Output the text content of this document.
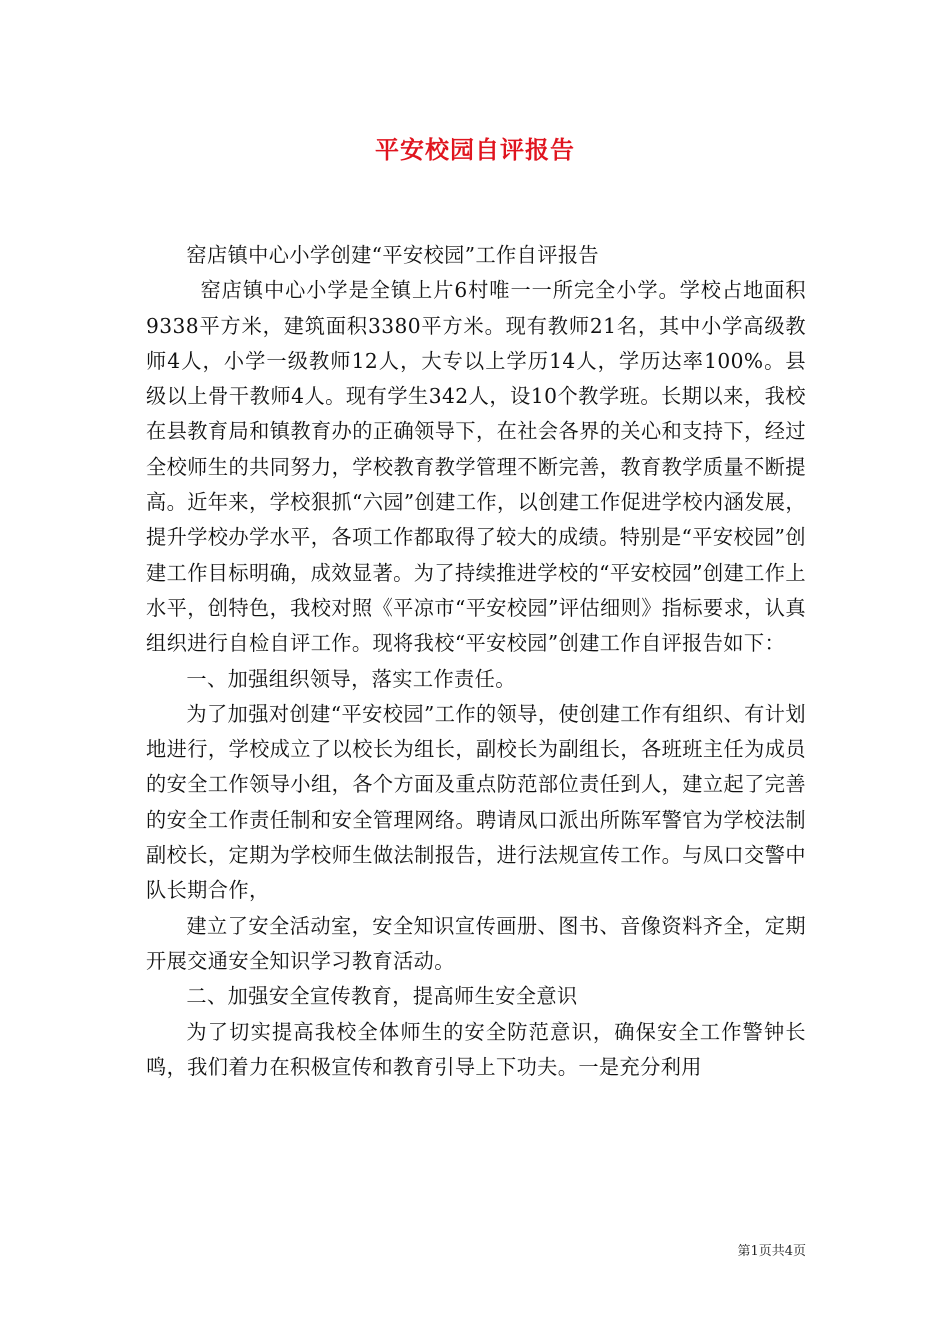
平安校园自评报告

窑店镇中心小学创建“平安校园”工作自评报告

窑店镇中心小学是全镇上片6村唯一一所完全小学。学校占地面积9338平方米，建筑面积3380平方米。现有教师21名，其中小学高级教师4人，小学一级教师12人，大专以上学历14人，学历达率100%。县级以上骨干教师4人。现有学生342人，设10个教学班。长期以来，我校在县教育局和镇教育办的正确领导下，在社会各界的关心和支持下，经过全校师生的共同努力，学校教育教学管理不断完善，教育教学质量不断提高。近年来，学校狠抓“六园”创建工作，以创建工作促进学校内涵发展，提升学校办学水平，各项工作都取得了较大的成绩。特别是“平安校园”创建工作目标明确，成效显著。为了持续推进学校的“平安校园”创建工作上水平，创特色，我校对照《平凉市“平安校园”评估细则》指标要求，认真组织进行自检自评工作。现将我校“平安校园”创建工作自评报告如下：

一、加强组织领导，落实工作责任。

为了加强对创建“平安校园”工作的领导，使创建工作有组织、有计划地进行，学校成立了以校长为组长，副校长为副组长，各班班主任为成员的安全工作领导小组，各个方面及重点防范部位责任到人，建立起了完善的安全工作责任制和安全管理网络。聘请凤口派出所陈军警官为学校法制副校长，定期为学校师生做法制报告，进行法规宣传工作。与凤口交警中队长期合作，

建立了安全活动室，安全知识宣传画册、图书、音像资料齐全，定期开展交通安全知识学习教育活动。

二、加强安全宣传教育，提高师生安全意识

为了切实提高我校全体师生的安全防范意识，确保安全工作警钟长鸣，我们着力在积极宣传和教育引导上下功夫。一是充分利用

第1页共4页
